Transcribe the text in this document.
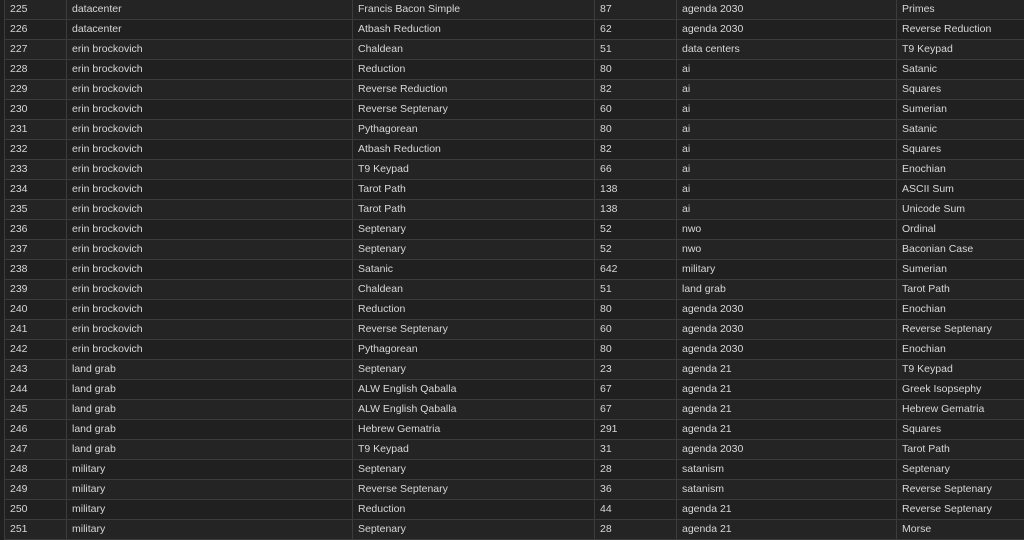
225	datacenter	Francis Bacon Simple	87	agenda 2030	Primes
226	datacenter	Atbash Reduction	62	agenda 2030	Reverse Reduction
227	erin brockovich	Chaldean	51	data centers	T9 Keypad
228	erin brockovich	Reduction	80	ai	Satanic
229	erin brockovich	Reverse Reduction	82	ai	Squares
230	erin brockovich	Reverse Septenary	60	ai	Sumerian
231	erin brockovich	Pythagorean	80	ai	Satanic
232	erin brockovich	Atbash Reduction	82	ai	Squares
233	erin brockovich	T9 Keypad	66	ai	Enochian
234	erin brockovich	Tarot Path	138	ai	ASCII Sum
235	erin brockovich	Tarot Path	138	ai	Unicode Sum
236	erin brockovich	Septenary	52	nwo	Ordinal
237	erin brockovich	Septenary	52	nwo	Baconian Case
238	erin brockovich	Satanic	642	military	Sumerian
239	erin brockovich	Chaldean	51	land grab	Tarot Path
240	erin brockovich	Reduction	80	agenda 2030	Enochian
241	erin brockovich	Reverse Septenary	60	agenda 2030	Reverse Septenary
242	erin brockovich	Pythagorean	80	agenda 2030	Enochian
243	land grab	Septenary	23	agenda 21	T9 Keypad
244	land grab	ALW English Qaballa	67	agenda 21	Greek Isopsephy
245	land grab	ALW English Qaballa	67	agenda 21	Hebrew Gematria
246	land grab	Hebrew Gematria	291	agenda 21	Squares
247	land grab	T9 Keypad	31	agenda 2030	Tarot Path
248	military	Septenary	28	satanism	Septenary
249	military	Reverse Septenary	36	satanism	Reverse Septenary
250	military	Reduction	44	agenda 21	Reverse Septenary
251	military	Septenary	28	agenda 21	Morse
